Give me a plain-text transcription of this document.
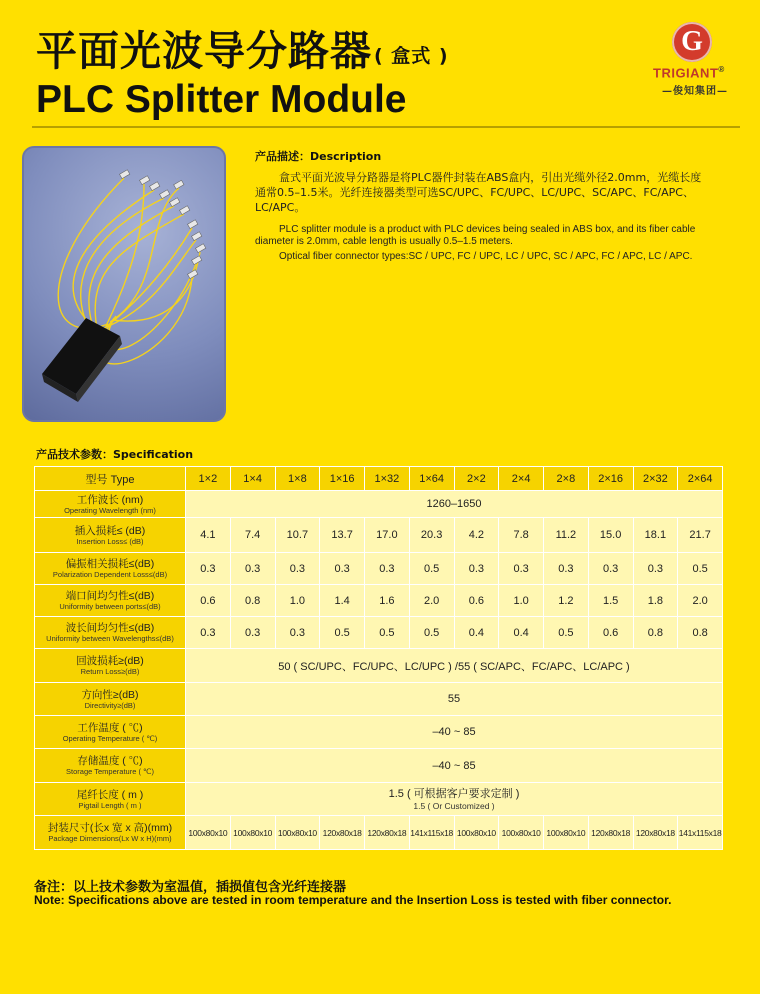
平面光波导分路器 ( 盒式 )
PLC Splitter Module
G
TRIGIANT®
—俊知集团—
产品描述：Description
盒式平面光波导分路器是将PLC器件封装在ABS盒内，引出光缆外径2.0mm，光缆长度通常0.5–1.5米。光纤连接器类型可选SC/UPC、FC/UPC、LC/UPC、SC/APC、FC/APC、LC/APC。
PLC splitter module is a product with PLC devices being sealed in ABS box, and its fiber cable diameter is 2.0mm, cable length is usually 0.5–1.5 meters.
Optical fiber connector types:SC / UPC, FC / UPC, LC / UPC, SC / APC, FC / APC, LC / APC.
产品技术参数：Specification
型号 Type	1×2	1×4	1×8	1×16	1×32	1×64	2×2	2×4	2×8	2×16	2×32	2×64

工作波长 (nm)
Operating Wavelength (nm)	1260–1650											

插入损耗≤ (dB)
Insertion Loss≤ (dB)	4.1	7.4	10.7	13.7	17.0	20.3	4.2	7.8	11.2	15.0	18.1	21.7

偏振相关损耗≤(dB)
Polarization Dependent Loss≤(dB)	0.3	0.3	0.3	0.3	0.3	0.5	0.3	0.3	0.3	0.3	0.3	0.5

端口间均匀性≤(dB)
Uniformity between ports≤(dB)	0.6	0.8	1.0	1.4	1.6	2.0	0.6	1.0	1.2	1.5	1.8	2.0

波长间均匀性≤(dB)
Uniformity between Wavelengths≤(dB)	0.3	0.3	0.3	0.5	0.5	0.5	0.4	0.4	0.5	0.6	0.8	0.8

回波损耗≥(dB)
Return Loss≥(dB)	50 ( SC/UPC、FC/UPC、LC/UPC ) /55 ( SC/APC、FC/APC、LC/APC )											

方向性≥(dB)
Directivity≥(dB)	55											

工作温度 ( ℃)
Operating Temperature ( ℃)	–40 ~ 85											

存储温度 ( ℃)
Storage Temperature ( ℃)	–40 ~ 85											

尾纤长度 ( m )
Pigtail Length ( m )	1.5 ( 可根据客户要求定制 )
1.5 ( Or Customized )											

封装尺寸(长x 宽 x 高)(mm)
Package Dimensions(Lx W x H)(mm)	100x80x10	100x80x10	100x80x10	120x80x18	120x80x18	141x115x18	100x80x10	100x80x10	100x80x10	120x80x18	120x80x18	141x115x18
备注：以上技术参数为室温值，插损值包含光纤连接器
Note: Specifications above are tested in room temperature and the Insertion Loss is tested with fiber connector.
